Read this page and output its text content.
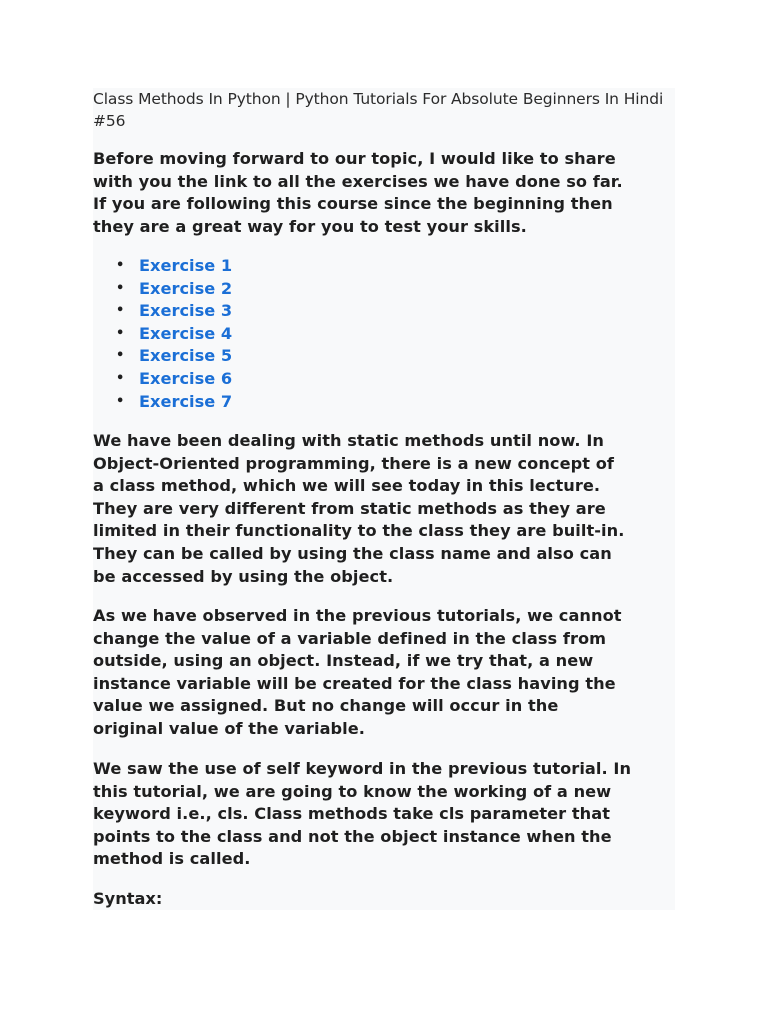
Class Methods In Python | Python Tutorials For Absolute Beginners In Hindi
#56

Before moving forward to our topic, I would like to share
with you the link to all the exercises we have done so far.
If you are following this course since the beginning then
they are a great way for you to test your skills.

• Exercise 1
• Exercise 2
• Exercise 3
• Exercise 4
• Exercise 5
• Exercise 6
• Exercise 7

We have been dealing with static methods until now. In
Object-Oriented programming, there is a new concept of
a class method, which we will see today in this lecture.
They are very different from static methods as they are
limited in their functionality to the class they are built-in.
They can be called by using the class name and also can
be accessed by using the object.

As we have observed in the previous tutorials, we cannot
change the value of a variable defined in the class from
outside, using an object. Instead, if we try that, a new
instance variable will be created for the class having the
value we assigned. But no change will occur in the
original value of the variable.

We saw the use of self keyword in the previous tutorial. In
this tutorial, we are going to know the working of a new
keyword i.e., cls. Class methods take cls parameter that
points to the class and not the object instance when the
method is called.

Syntax:
